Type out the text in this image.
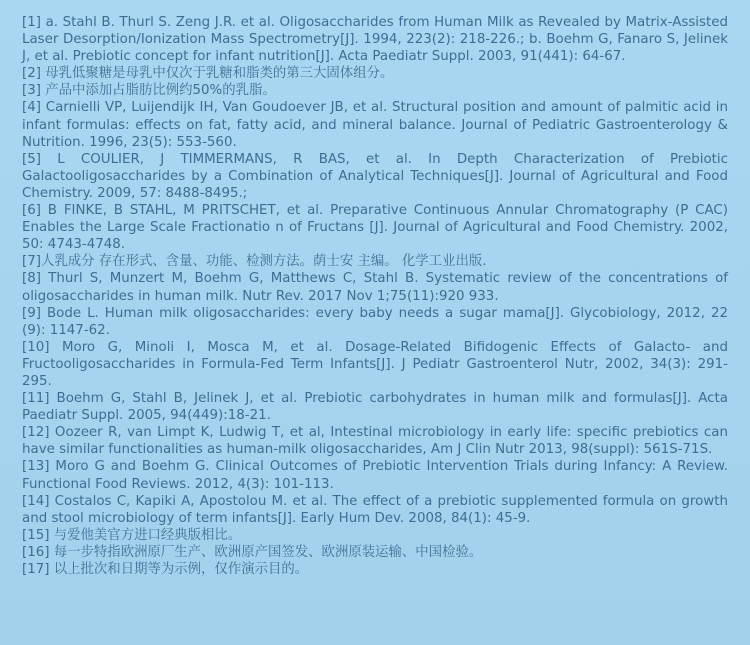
[1] a. Stahl B. Thurl S. Zeng J.R. et al. Oligosaccharides from Human Milk as Revealed by Matrix-Assisted Laser Desorption/Ionization Mass Spectrometry[J]. 1994, 223(2): 218-226.; b. Boehm G, Fanaro S, Jelinek J, et al. Prebiotic concept for infant nutrition[J]. Acta Paediatr Suppl. 2003, 91(441): 64-67.

[2] 母乳低聚糖是母乳中仅次于乳糖和脂类的第三大固体组分。

[3] 产品中添加占脂肪比例约50%的乳脂。

[4] Carnielli VP, Luijendijk IH, Van Goudoever JB, et al. Structural position and amount of palmitic acid in infant formulas: effects on fat, fatty acid, and mineral balance. Journal of Pediatric Gastroenterology & Nutrition. 1996, 23(5): 553-560.

[5] L COULIER, J TIMMERMANS, R BAS, et al. In Depth Characterization of Prebiotic Galactooligosaccharides by a Combination of Analytical Techniques[J]. Journal of Agricultural and Food Chemistry. 2009, 57: 8488-8495.;

[6] B FINKE, B STAHL, M PRITSCHET, et al. Preparative Continuous Annular Chromatography (P CAC) Enables the Large Scale Fractionatio n of Fructans [J]. Journal of Agricultural and Food Chemistry. 2002, 50: 4743-4748.

[7]人乳成分 存在形式、含量、功能、检测方法。荫士安 主编。 化学工业出版.

[8] Thurl S, Munzert M, Boehm G, Matthews C, Stahl B. Systematic review of the concentrations of oligosaccharides in human milk. Nutr Rev. 2017 Nov 1;75(11):920 933.

[9] Bode L. Human milk oligosaccharides: every baby needs a sugar mama[J]. Glycobiology, 2012, 22 (9): 1147-62.

[10] Moro G, Minoli I, Mosca M, et al. Dosage-Related Bifidogenic Effects of Galacto- and Fructooligosaccharides in Formula-Fed Term Infants[J]. J Pediatr Gastroenterol Nutr, 2002, 34(3): 291-295.

[11] Boehm G, Stahl B, Jelinek J, et al. Prebiotic carbohydrates in human milk and formulas[J]. Acta Paediatr Suppl. 2005, 94(449):18-21.

[12] Oozeer R, van Limpt K, Ludwig T, et al, Intestinal microbiology in early life: specific prebiotics can have similar functionalities as human-milk oligosaccharides, Am J Clin Nutr 2013, 98(suppl): 561S-71S.

[13] Moro G and Boehm G. Clinical Outcomes of Prebiotic Intervention Trials during Infancy: A Review. Functional Food Reviews. 2012, 4(3): 101-113.

[14] Costalos C, Kapiki A, Apostolou M. et al. The effect of a prebiotic supplemented formula on growth and stool microbiology of term infants[J]. Early Hum Dev. 2008, 84(1): 45-9.

[15] 与爱他美官方进口经典版相比。

[16] 每一步特指欧洲原厂生产、欧洲原产国签发、欧洲原装运输、中国检验。

[17] 以上批次和日期等为示例，仅作演示目的。
